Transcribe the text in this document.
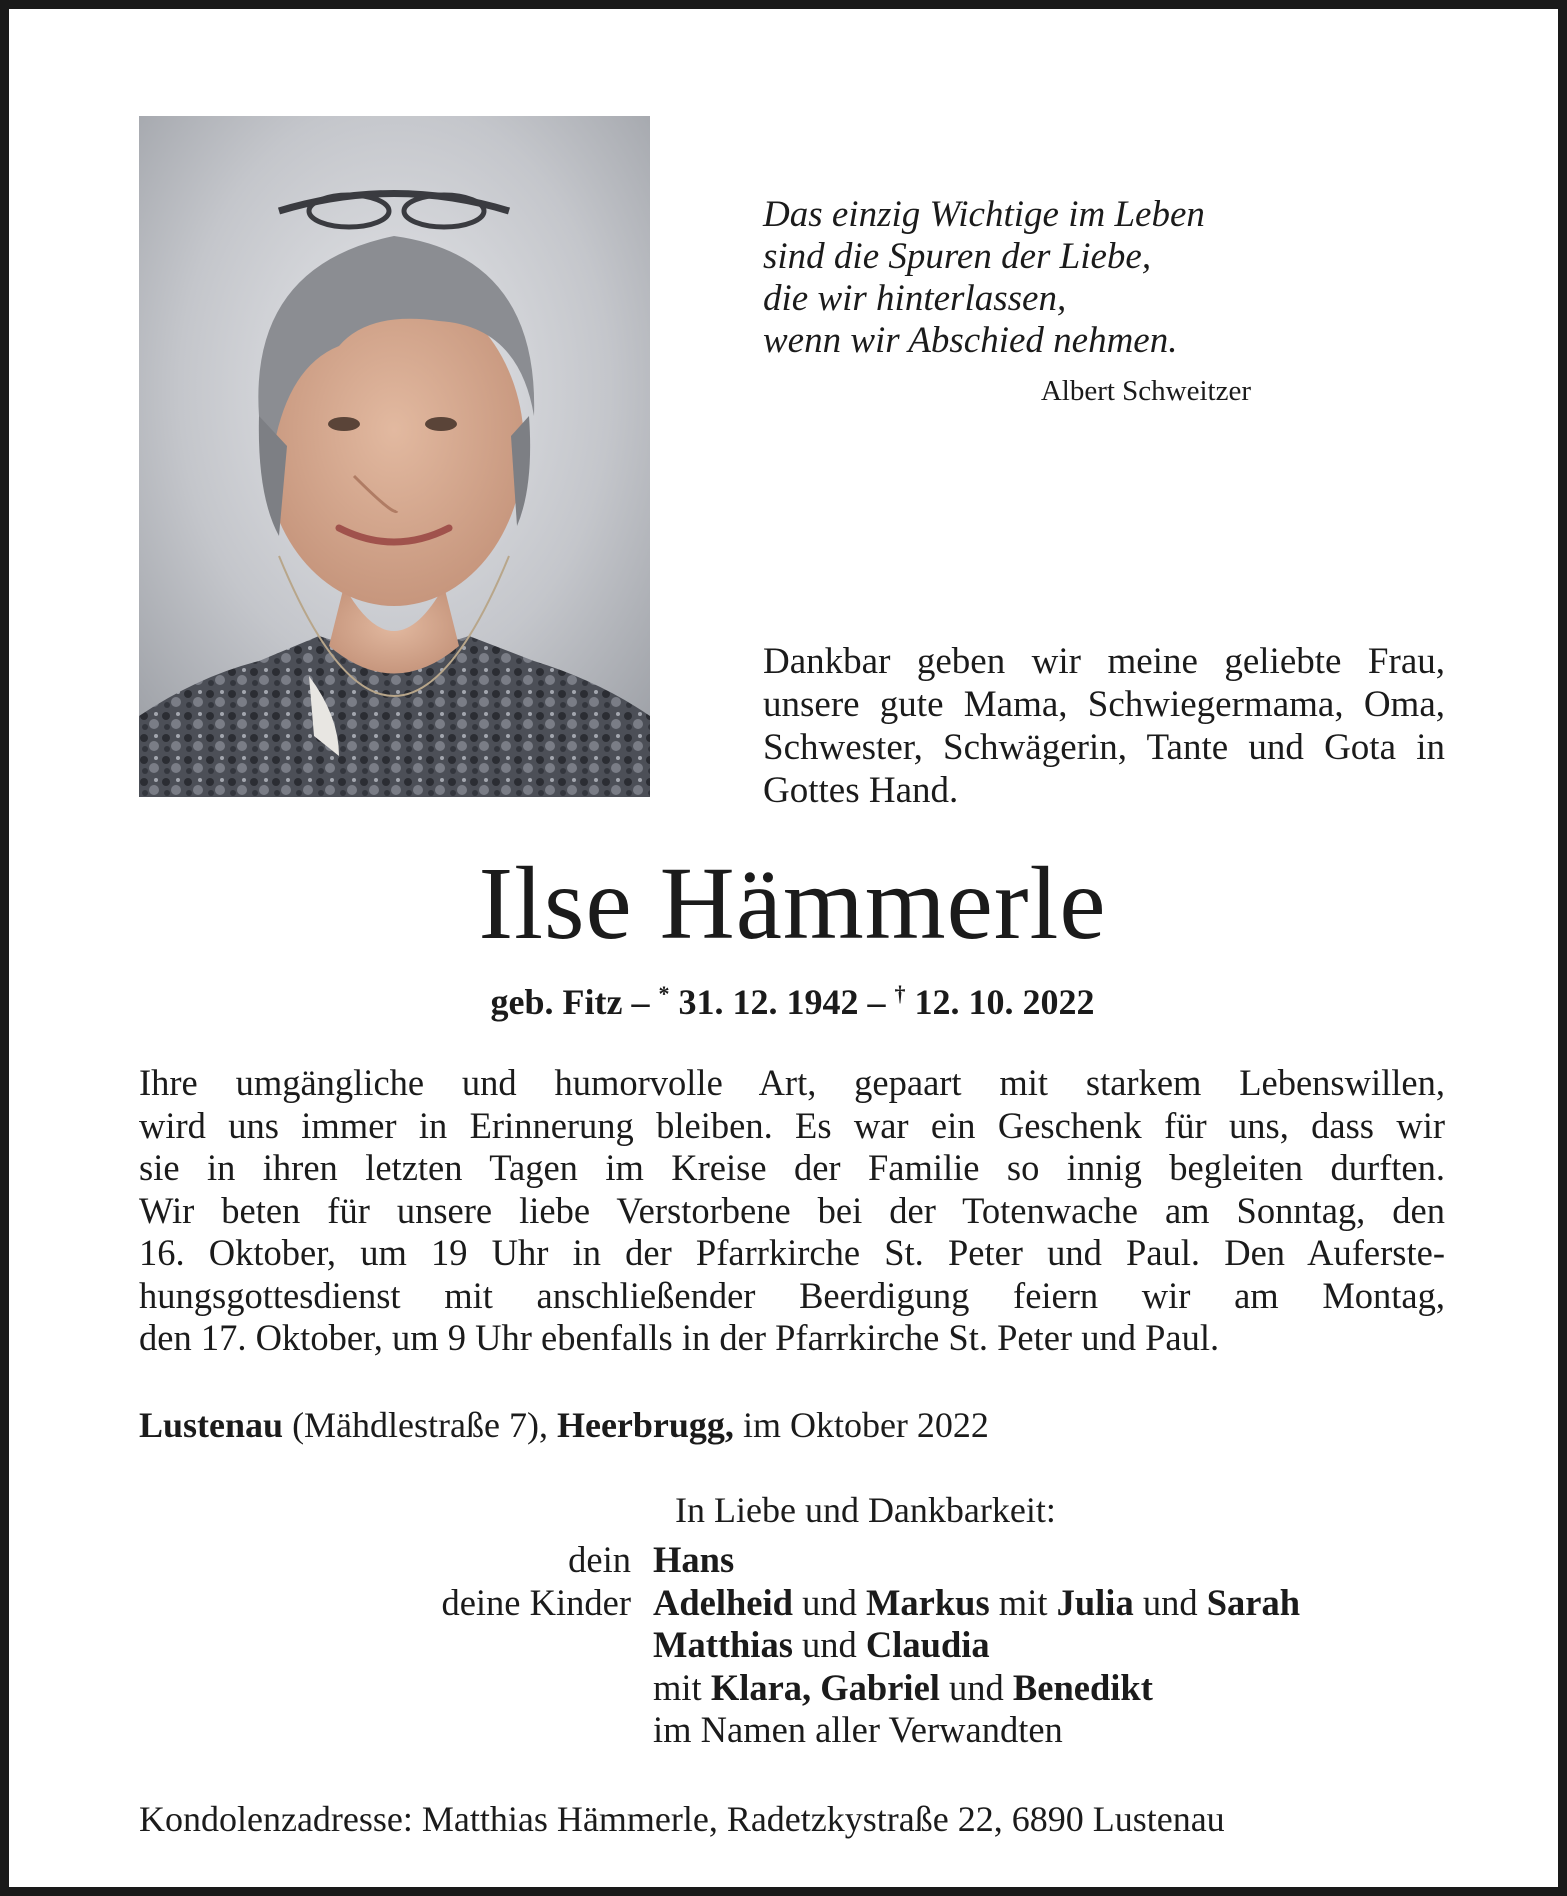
Das einzig Wichtige im Leben
sind die Spuren der Liebe,
die wir hinterlassen,
wenn wir Abschied nehmen.
Albert Schweitzer
Dankbar geben wir meine geliebte Frau, unsere gute Mama, Schwiegermama, Oma, Schwester, Schwägerin, Tante und Gota in Gottes Hand.
Ilse Hämmerle
geb. Fitz – * 31. 12. 1942 – † 12. 10. 2022
Ihre umgängliche und humorvolle Art, gepaart mit starkem Lebenswillen,
wird uns immer in Erinnerung bleiben. Es war ein Geschenk für uns, dass wir
sie in ihren letzten Tagen im Kreise der Familie so innig begleiten durften.
Wir beten für unsere liebe Verstorbene bei der Totenwache am Sonntag, den
16. Oktober, um 19 Uhr in der Pfarrkirche St. Peter und Paul. Den Auferste-
hungsgottesdienst mit anschließender Beerdigung feiern wir am Montag,
den 17. Oktober, um 9 Uhr ebenfalls in der Pfarrkirche St. Peter und Paul.
Lustenau (Mähdlestraße 7), Heerbrugg, im Oktober 2022
In Liebe und Dankbarkeit:
dein Hans
deine Kinder Adelheid und Markus mit Julia und Sarah
Matthias und Claudia
mit Klara, Gabriel und Benedikt
im Namen aller Verwandten
Kondolenzadresse: Matthias Hämmerle, Radetzkystraße 22, 6890 Lustenau
